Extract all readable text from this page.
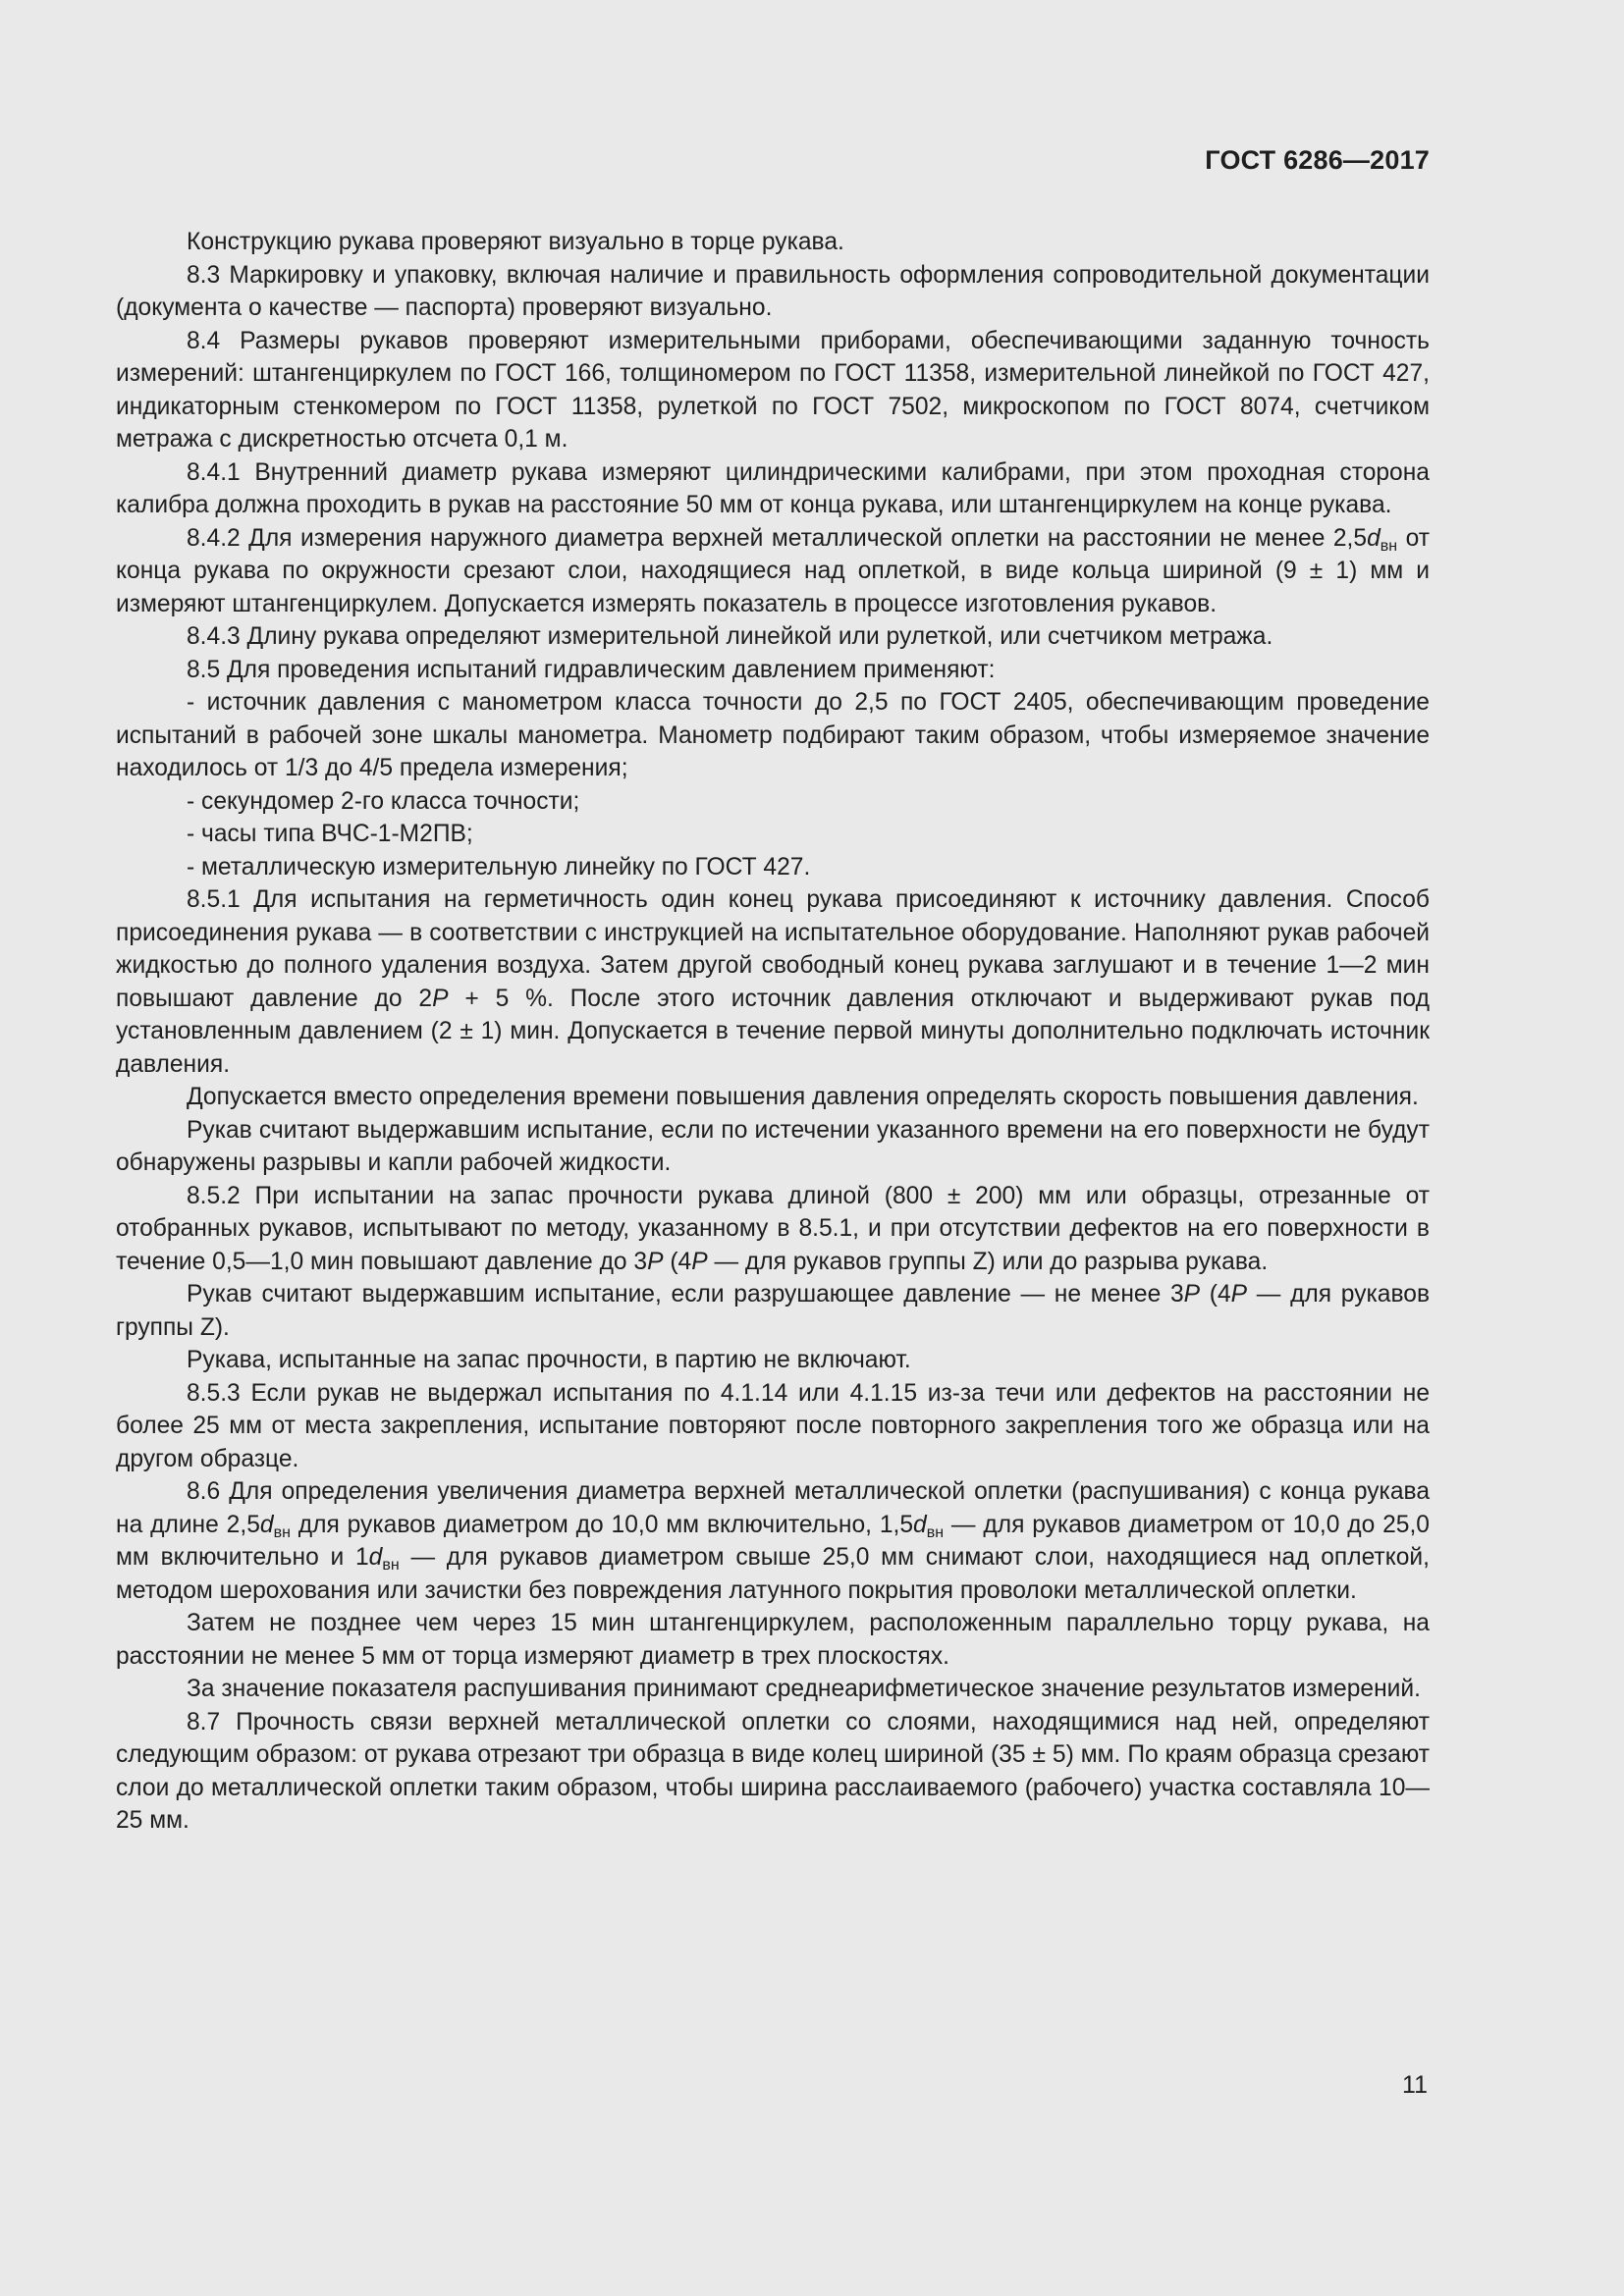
ГОСТ 6286—2017

Конструкцию рукава проверяют визуально в торце рукава.

8.3 Маркировку и упаковку, включая наличие и правильность оформления сопроводительной документации (документа о качестве — паспорта) проверяют визуально.

8.4 Размеры рукавов проверяют измерительными приборами, обеспечивающими заданную точность измерений: штангенциркулем по ГОСТ 166, толщиномером по ГОСТ 11358, измерительной линейкой по ГОСТ 427, индикаторным стенкомером по ГОСТ 11358, рулеткой по ГОСТ 7502, микроскопом по ГОСТ 8074, счетчиком метража с дискретностью отсчета 0,1 м.

8.4.1 Внутренний диаметр рукава измеряют цилиндрическими калибрами, при этом проходная сторона калибра должна проходить в рукав на расстояние 50 мм от конца рукава, или штангенциркулем на конце рукава.

8.4.2 Для измерения наружного диаметра верхней металлической оплетки на расстоянии не менее $2,5d_{вн}$ от конца рукава по окружности срезают слои, находящиеся над оплеткой, в виде кольца шириной (9 ± 1) мм и измеряют штангенциркулем. Допускается измерять показатель в процессе изготовления рукавов.

8.4.3 Длину рукава определяют измерительной линейкой или рулеткой, или счетчиком метража.

8.5 Для проведения испытаний гидравлическим давлением применяют:

- источник давления с манометром класса точности до 2,5 по ГОСТ 2405, обеспечивающим проведение испытаний в рабочей зоне шкалы манометра. Манометр подбирают таким образом, чтобы измеряемое значение находилось от 1/3 до 4/5 предела измерения;

- секундомер 2-го класса точности;

- часы типа ВЧС-1-М2ПВ;

- металлическую измерительную линейку по ГОСТ 427.

8.5.1 Для испытания на герметичность один конец рукава присоединяют к источнику давления. Способ присоединения рукава — в соответствии с инструкцией на испытательное оборудование. Наполняют рукав рабочей жидкостью до полного удаления воздуха. Затем другой свободный конец рукава заглушают и в течение 1—2 мин повышают давление до 2P + 5 %. После этого источник давления отключают и выдерживают рукав под установленным давлением (2 ± 1) мин. Допускается в течение первой минуты дополнительно подключать источник давления.

Допускается вместо определения времени повышения давления определять скорость повышения давления.

Рукав считают выдержавшим испытание, если по истечении указанного времени на его поверхности не будут обнаружены разрывы и капли рабочей жидкости.

8.5.2 При испытании на запас прочности рукава длиной (800 ± 200) мм или образцы, отрезанные от отобранных рукавов, испытывают по методу, указанному в 8.5.1, и при отсутствии дефектов на его поверхности в течение 0,5—1,0 мин повышают давление до 3P (4P — для рукавов группы Z) или до разрыва рукава.

Рукав считают выдержавшим испытание, если разрушающее давление — не менее 3P (4P — для рукавов группы Z).

Рукава, испытанные на запас прочности, в партию не включают.

8.5.3 Если рукав не выдержал испытания по 4.1.14 или 4.1.15 из-за течи или дефектов на расстоянии не более 25 мм от места закрепления, испытание повторяют после повторного закрепления того же образца или на другом образце.

8.6 Для определения увеличения диаметра верхней металлической оплетки (распушивания) с конца рукава на длине $2,5d_{вн}$ для рукавов диаметром до 10,0 мм включительно, $1,5d_{вн}$ — для рукавов диаметром от 10,0 до 25,0 мм включительно и $1d_{вн}$ — для рукавов диаметром свыше 25,0 мм снимают слои, находящиеся над оплеткой, методом шерохования или зачистки без повреждения латунного покрытия проволоки металлической оплетки.

Затем не позднее чем через 15 мин штангенциркулем, расположенным параллельно торцу рукава, на расстоянии не менее 5 мм от торца измеряют диаметр в трех плоскостях.

За значение показателя распушивания принимают среднеарифметическое значение результатов измерений.

8.7 Прочность связи верхней металлической оплетки со слоями, находящимися над ней, определяют следующим образом: от рукава отрезают три образца в виде колец шириной (35 ± 5) мм. По краям образца срезают слои до металлической оплетки таким образом, чтобы ширина расслаиваемого (рабочего) участка составляла 10—25 мм.

11
